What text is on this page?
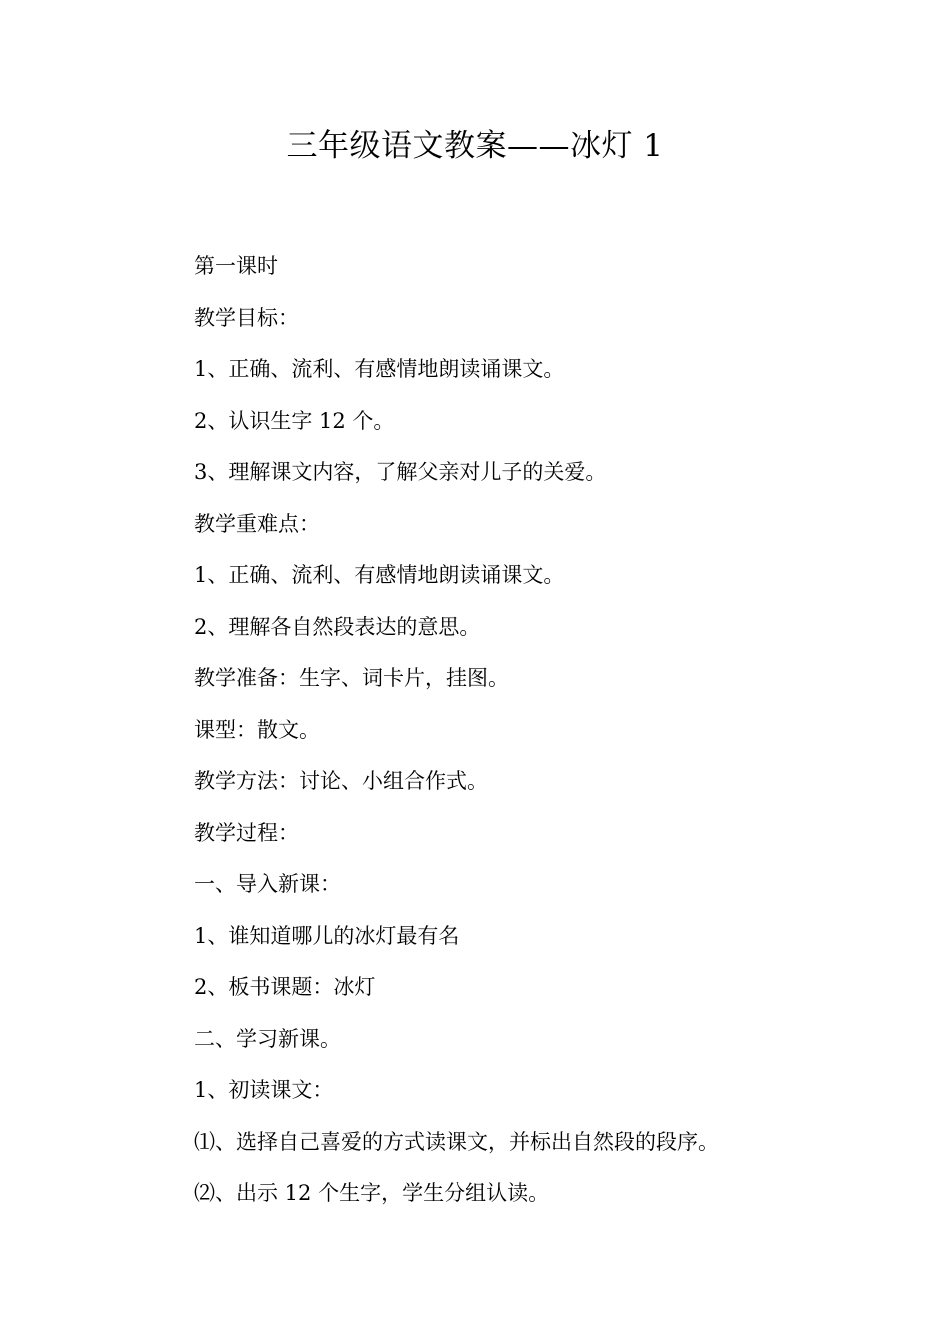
三年级语文教案——冰灯 1
第一课时
教学目标：
1、正确、流利、有感情地朗读诵课文。
2、认识生字 12 个。
3、理解课文内容，了解父亲对儿子的关爱。
教学重难点：
1、正确、流利、有感情地朗读诵课文。
2、理解各自然段表达的意思。
教学准备：生字、词卡片，挂图。
课型：散文。
教学方法：讨论、小组合作式。
教学过程：
一、导入新课：
1、谁知道哪儿的冰灯最有名
2、板书课题：冰灯
二、学习新课。
1、初读课文：
⑴、选择自己喜爱的方式读课文，并标出自然段的段序。
⑵、出示 12 个生字，学生分组认读。
